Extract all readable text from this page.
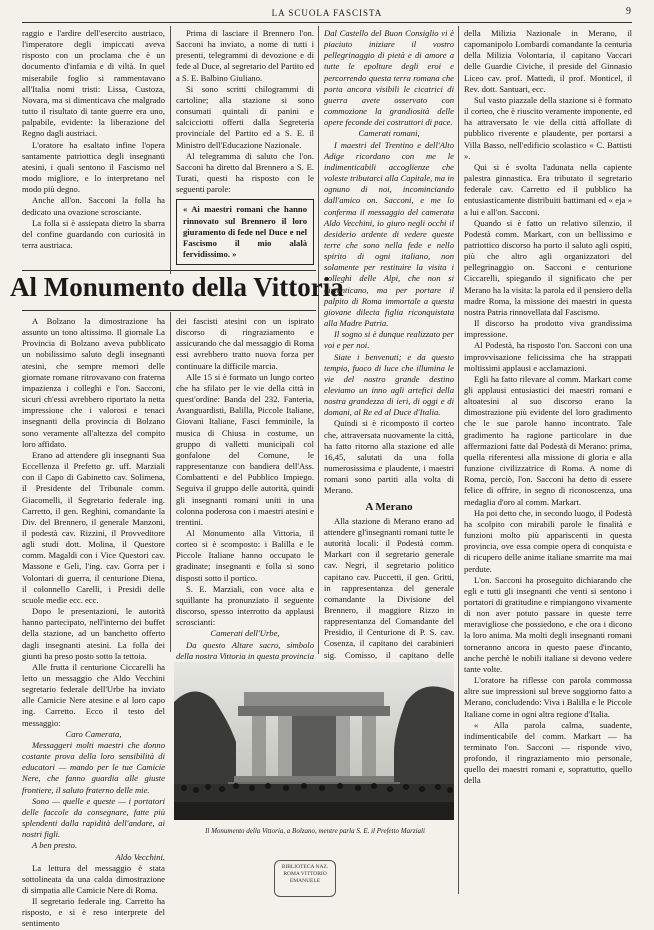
LA SCUOLA FASCISTA	9

raggio e l'ardire dell'esercito austriaco, l'imperatore degli impiccati aveva risposto con un proclama che è un documento d'infamia e di viltà. In quel miserabile foglio si rammentavano all'Italia nomi tristi: Lissa, Custoza, Novara, ma si dimenticava che malgrado tutto il risultato di tante guerre era uno, palpabile, evidente: la liberazione del Regno dagli austriaci.

L'oratore ha esaltato infine l'opera santamente patriottica degli insegnanti atesini, i quali sentono il Fascismo nel modo migliore, e lo interpretano nel modo più degno.

Anche all'on. Sacconi la folla ha dedicato una ovazione scrosciante.

La folla si è assiepata dietro la sbarra del confine guardando con curiosità in terra austriaca.

Prima di lasciare il Brennero l'on. Sacconi ha inviato, a nome di tutti i presenti, telegrammi di devozione e di fede al Duce, al segretario del Partito ed a S. E. Balbino Giuliano.

Si sono scritti chilogrammi di cartoline; alla stazione si sono consumati quintali di panini e salcicciotti offerti dalla Segreteria provinciale del Partito ed a S. E. il Ministro dell'Educazione Nazionale.

Al telegramma di saluto che l'on. Sacconi ha diretto dal Brennero a S. E. Turati, questi ha risposto con le seguenti parole:

« Ai maestri romani che hanno rinnovato sul Brennero il loro giuramento di fede nel Duce e nel Fascismo il mio alalà fervidissimo. »

Al Monumento della Vittoria

A Bolzano la dimostrazione ha assunto un tono altissimo. Il giornale La Provincia di Bolzano aveva pubblicato un nobilissimo saluto degli insegnanti atesini, che sempre memori delle giornate romane ritrovavano con fraterna impazienza i colleghi e l'on. Sacconi, sicuri ch'essi avrebbero riportato la netta impressione che i valorosi e tenaci insegnanti della provincia di Bolzano sono veramente all'altezza del compito loro affidato.

Erano ad attendere gli insegnanti Sua Eccellenza il Prefetto gr. uff. Marziali con il Capo di Gabinetto cav. Solimena, il Presidente del Tribunale comm. Giacomelli, il Segretario federale ing. Carretto, il gen. Reghini, comandante la Div. del Brennero, il generale Manzoni, il podestà cav. Rizzini, il Provveditore agli studi dott. Molina, il Questore comm. Magaldi con i Vice Questori cav. Massone e Geli, l'ing. cav. Gorra per i Volontari di guerra, il centurione Diena, il colonnello Carelli, i Presidi delle scuole medie ecc. ecc.

Dopo le presentazioni, le autorità hanno partecipato, nell'interno dei buffet della stazione, ad un banchetto offerto dagli insegnanti atesini. La folla dei giunti ha preso posto sotto la tettoia.

Alle frutta il centurione Ciccarelli ha letto un messaggio che Aldo Vecchini segretario federale dell'Urbe ha inviato alle Camicie Nere atesine e al loro capo ing. Carretto. Ecco il testo del messaggio:

Caro Camerata,

Messaggeri molti maestri che donno costante prova della loro sensibilità di educatori — mando per le tue Camicie Nere, che fanno guardia alle giuste frontiere, il saluto fraterno delle mie.

Sono — quelle e queste — i portatori delle faccole da consegnare, fatte più splendenti dalla rapidità dell'andare, ai nostri figli.

A ben presto.

Aldo Vecchini.

La lettura del messaggio è stata sottolineata da una calda dimostrazione di simpatia alle Camicie Nere di Roma.

Il segretario federale ing. Carretto ha risposto, e si è reso interprete del sentimento

dei fascisti atesini con un ispirato discorso di ringraziamento e assicurando che dal messaggio di Roma essi avrebbero tratto nuova forza per continuare la difficile marcia.

Alle 15 si è formato un lungo corteo che ha sfilato per le vie della città in quest'ordine: Banda del 232. Fanteria, Avanguardisti, Balilla, Piccole Italiane, Giovani Italiane, Fasci femminile, la musica di Chiusa in costume, un gruppo di valletti municipali col gonfalone del Comune, le rappresentanze con bandiera dell'Ass. Combattenti e del Pubblico Impiego. Seguiva il gruppo delle autorità, quindi gli insegnanti romani uniti in una colonna poderosa con i maestri atesini e trentini.

Al Monumento alla Vittoria, il corteo si è scomposto: i Balilla e le Piccole Italiane hanno occupato le gradinate; insegnanti e folla si sono disposti sotto il portico.

S. E. Marziali, con voce alta e squillante ha pronunziato il seguente discorso, spesso interrotto da applausi scroscianti:

Camerati dell'Urbe,

Da questo Altare sacro, simbolo della nostra Vittoria in questa provincia

Dal Castello del Buon Consiglio vi è piaciuto iniziare il vostro pellegrinaggio di pietà e di amore a tutte le epolture degli eroi e percorrendo questa terra romana che porta ancora visibili le cicatrici di guerra avete osservato con commozione la grandiosità delle opere feconde dei costruttori di pace.

Camerati romani,

I maestri del Trentino e dell'Alto Adige ricordano con me le indimenticabili accoglienze che voleste tributarci alla Capitale, ma in ognuno di noi, incominciando dall'amico on. Sacconi, e me lo conferma il messaggio del camerata Aldo Vecchini, io giuro negli occhi il desiderio ardente di vedere queste terre che sono nella fede e nello spirito di ogni italiano, non solamente per restituire la visita i colleghi delle Alpi, che non si dimenticano, ma per portare il palpito di Roma immortale a questa giovane dilecta figlia riconquistata alla Madre Patria.

Il sogno si è dunque realizzato per voi e per noi.

Siate i benvenuti; e da questo tempio, fuoco di luce che illumina le vie del nostro grande destino eleviamo un inno agli artefici della nostra grandezza di ieri, di oggi e di domani, al Re ed al Duce d'Italia.

Quindi si è ricomposto il corteo che, attraversata nuovamente la città, ha fatto ritorno alla stazione ed alle 16,45, salutati da una folla numerosissima e plaudente, i maestri romani sono partiti alla volta di Merano.

A Merano

Alla stazione di Merano erano ad attendere gl'insegnanti romani tutte le autorità locali: il Podestà comm. Markart con il segretario generale cav. Negri, il segretario politico capitano cav. Puccetti, il gen. Gritti, in rappresentanza del generale comandante la Divisione del Brennero, il maggiore Rizzo in rappresentanza del Comandante del Presidio, il Centurione di P. S. cav. Cosenza, il capitano dei carabinieri sig. Comisso, il capitano delle

della Milizia Nazionale in Merano, il capomanipolo Lombardi comandante la centuria della Milizia Volontaria, il capitano Vaccari delle Guardie Civiche, il preside del Ginnasio Liceo cav. prof. Mattedi, il prof. Monticel, il Rev. dott. Santuari, ecc.

Sul vasto piazzale della stazione si è formato il corteo, che è riuscito veramente imponente, ed ha attraversato le vie della città affollate di pubblico riverente e plaudente, per portarsi a Villa Basso, nell'edificio scolastico « C. Battisti ».

Qui si è svolta l'adunata nella capiente palestra ginnastica. Era tributato il segretario federale cav. Carretto ed il pubblico ha entusiasticamente distribuiti battimani ed « eja » a lui e all'on. Sacconi.

Quando si è fatto un relativo silenzio, il Podestà comm. Markart, con un bellissimo e patriottico discorso ha porto il saluto agli ospiti, più che altro agli organizzatori del pellegrinaggio on. Sacconi e centurione Ciccarelli, spiegando il significato che per Merano ha la visita: la parola ed il pensiero della madre Roma, la missione dei maestri in questa nostra Patria rinnovellata dal Fascismo.

Il discorso ha prodotto viva grandissima impressione.

Al Podestà, ha risposto l'on. Sacconi con una improvvisazione felicissima che ha strappati moltissimi applausi e acclamazioni.

Egli ha fatto rilevare al comm. Markart come gli applausi entusiastici dei maestri romani e altoatesini al suo discorso erano la dimostrazione più evidente del loro gradimento che le sue parole hanno incontrato. Tale gradimento ha ragione particolare in due affermazioni fatte dal Podestà di Merano: prima, quella riferentesi alla missione di gloria e alla funzione civilizzatrice di Roma. A nome di Roma, perciò, l'on. Sacconi ha detto di essere felice di offrire, in segno di riconoscenza, una medaglia d'oro al comm. Markart.

Ha poi detto che, in secondo luogo, il Podestà ha scolpito con mirabili parole le finalità e funzioni molto più appariscenti in questa provincia, ove essa compie opera di conquista e di ricupero delle anime italiane smarrite ma mai perdute.

L'on. Sacconi ha proseguito dichiarando che egli e tutti gli insegnanti che venti si sentono i portatori di gratitudine e rimpiangono vivamente di non aver potuto passare in queste terre meravigliose che possiedono, e che ora i dicono la loro anima. Ma molti degli insegnanti romani torneranno ancora in questo paese d'incanto, anche perchè le nobili italiane si devono vedere tante volte.

L'oratore ha riflesse con parola commossa altre sue impressioni sul breve soggiorno fatto a Merano, concludendo: Viva i Balilla e le Piccole Italiane come in ogni altra regione d'Italia.

« Alla parola calma, suadente, indimenticabile del comm. Markart — ha terminato l'on. Sacconi — risponde vivo, profondo, il ringraziamento mio personale, quello dei maestri romani e, soprattutto, quello della

Il Monumento della Vittoria, a Bolzano, mentre parla S. E. il Prefetto Marziali
BIBLIOTECA NAZ. ROMA VITTORIO EMANUELE
